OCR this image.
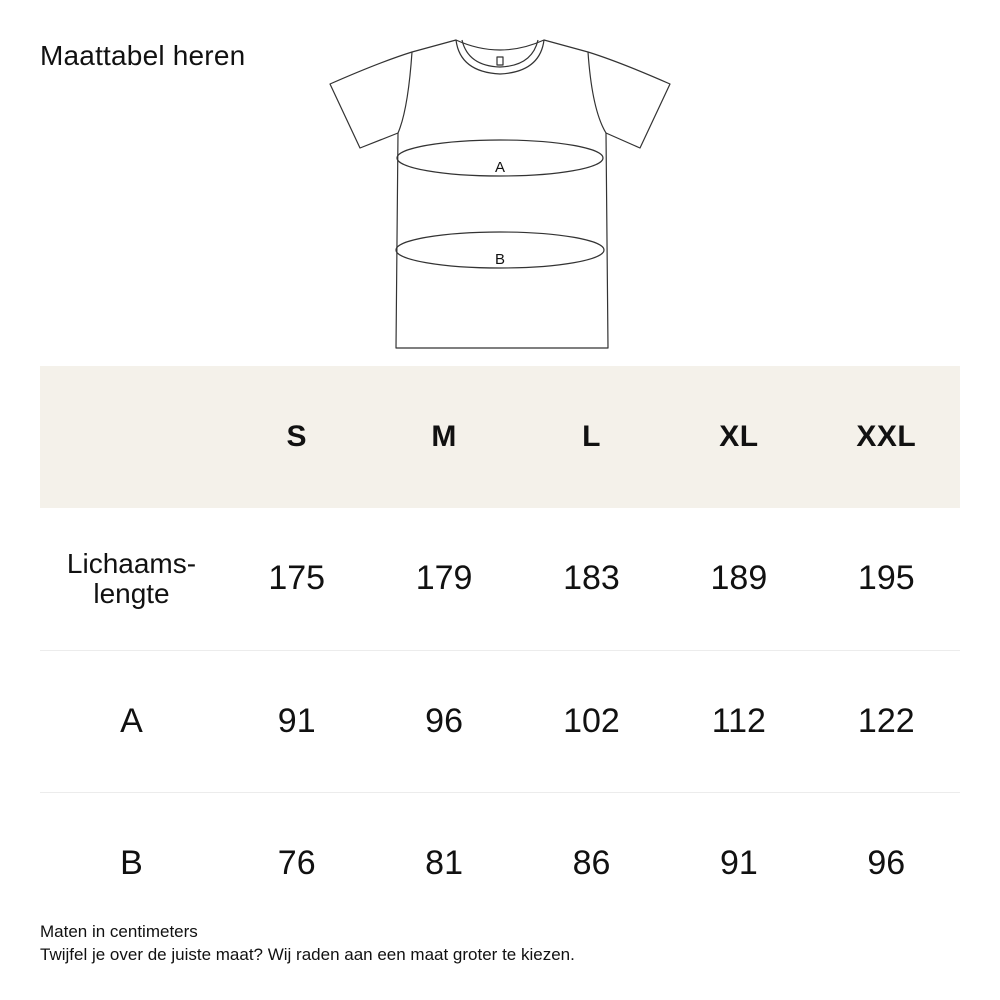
Maattabel heren
A
B
	S	M	L	XL	XXL

Lichaams-
lengte	175	179	183	189	195
A	91	96	102	112	122
B	76	81	86	91	96
Maten in centimeters
Twijfel je over de juiste maat? Wij raden aan een maat groter te kiezen.
